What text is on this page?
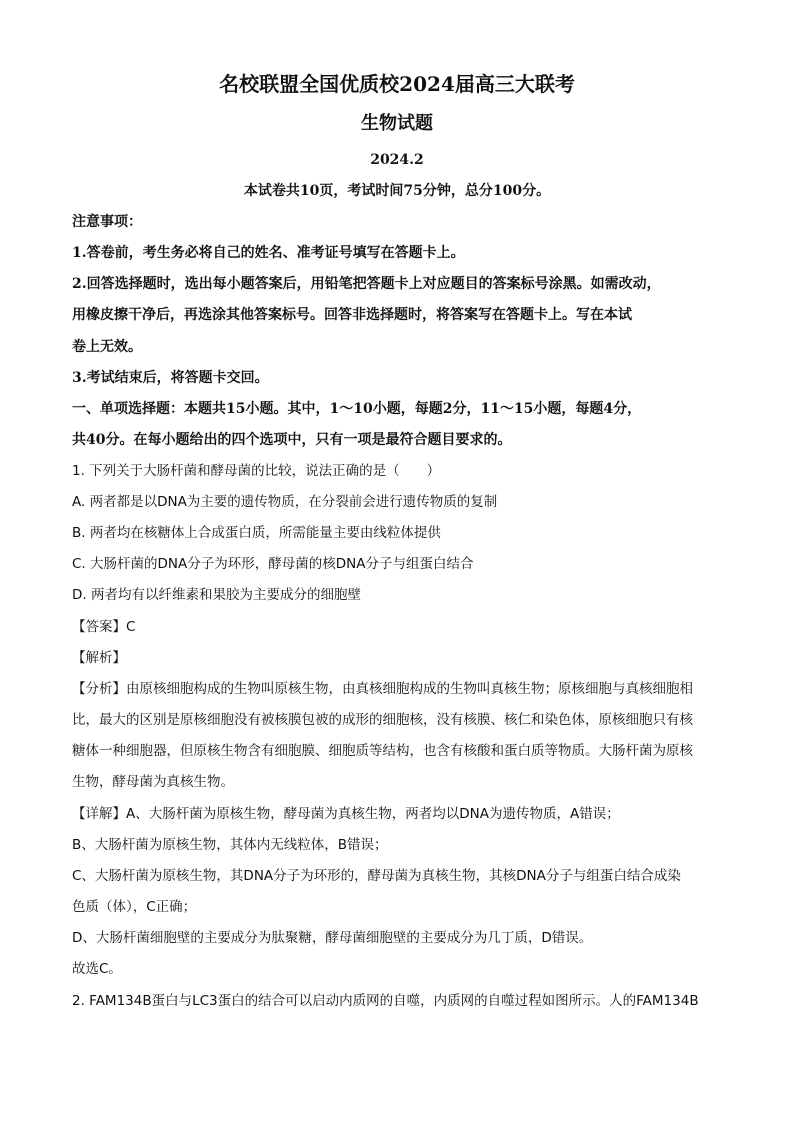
名校联盟全国优质校2024届高三大联考
生物试题
2024.2
本试卷共10页，考试时间75分钟，总分100分。
注意事项：
1.答卷前，考生务必将自己的姓名、准考证号填写在答题卡上。
2.回答选择题时，选出每小题答案后，用铅笔把答题卡上对应题目的答案标号涂黑。如需改动，
用橡皮擦干净后，再选涂其他答案标号。回答非选择题时，将答案写在答题卡上。写在本试
卷上无效。
3.考试结束后，将答题卡交回。
一、单项选择题：本题共15小题。其中，1～10小题，每题2分，11～15小题，每题4分，
共40分。在每小题给出的四个选项中，只有一项是最符合题目要求的。
1. 下列关于大肠杆菌和酵母菌的比较，说法正确的是（　　）
A. 两者都是以DNA为主要的遗传物质，在分裂前会进行遗传物质的复制
B. 两者均在核糖体上合成蛋白质，所需能量主要由线粒体提供
C. 大肠杆菌的DNA分子为环形，酵母菌的核DNA分子与组蛋白结合
D. 两者均有以纤维素和果胶为主要成分的细胞壁
【答案】C
【解析】
【分析】由原核细胞构成的生物叫原核生物，由真核细胞构成的生物叫真核生物；原核细胞与真核细胞相
比，最大的区别是原核细胞没有被核膜包被的成形的细胞核，没有核膜、核仁和染色体，原核细胞只有核
糖体一种细胞器，但原核生物含有细胞膜、细胞质等结构，也含有核酸和蛋白质等物质。大肠杆菌为原核
生物，酵母菌为真核生物。
【详解】A、大肠杆菌为原核生物，酵母菌为真核生物，两者均以DNA为遗传物质，A错误；
B、大肠杆菌为原核生物，其体内无线粒体，B错误；
C、大肠杆菌为原核生物，其DNA分子为环形的，酵母菌为真核生物，其核DNA分子与组蛋白结合成染
色质（体），C正确；
D、大肠杆菌细胞壁的主要成分为肽聚糖，酵母菌细胞壁的主要成分为几丁质，D错误。
故选C。
2. FAM134B蛋白与LC3蛋白的结合可以启动内质网的自噬，内质网的自噬过程如图所示。人的FAM134B
